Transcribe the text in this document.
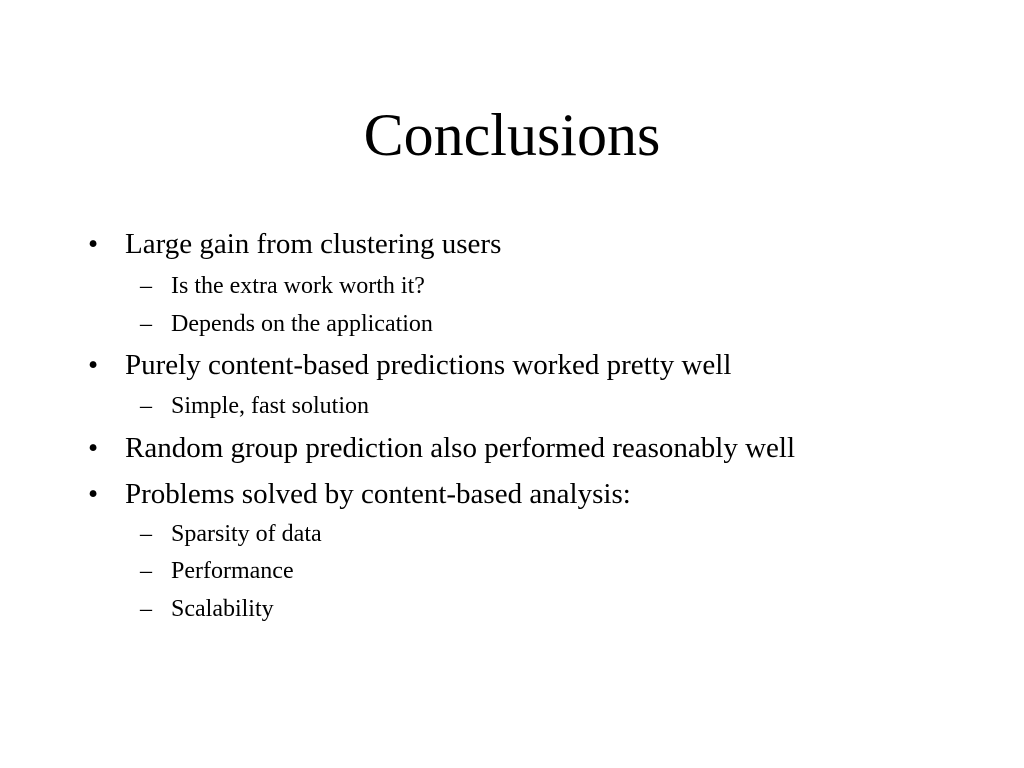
Conclusions
• Large gain from clustering users
– Is the extra work worth it?
– Depends on the application
• Purely content-based predictions worked pretty well
– Simple, fast solution
• Random group prediction also performed reasonably well
• Problems solved by content-based analysis:
– Sparsity of data
– Performance
– Scalability
